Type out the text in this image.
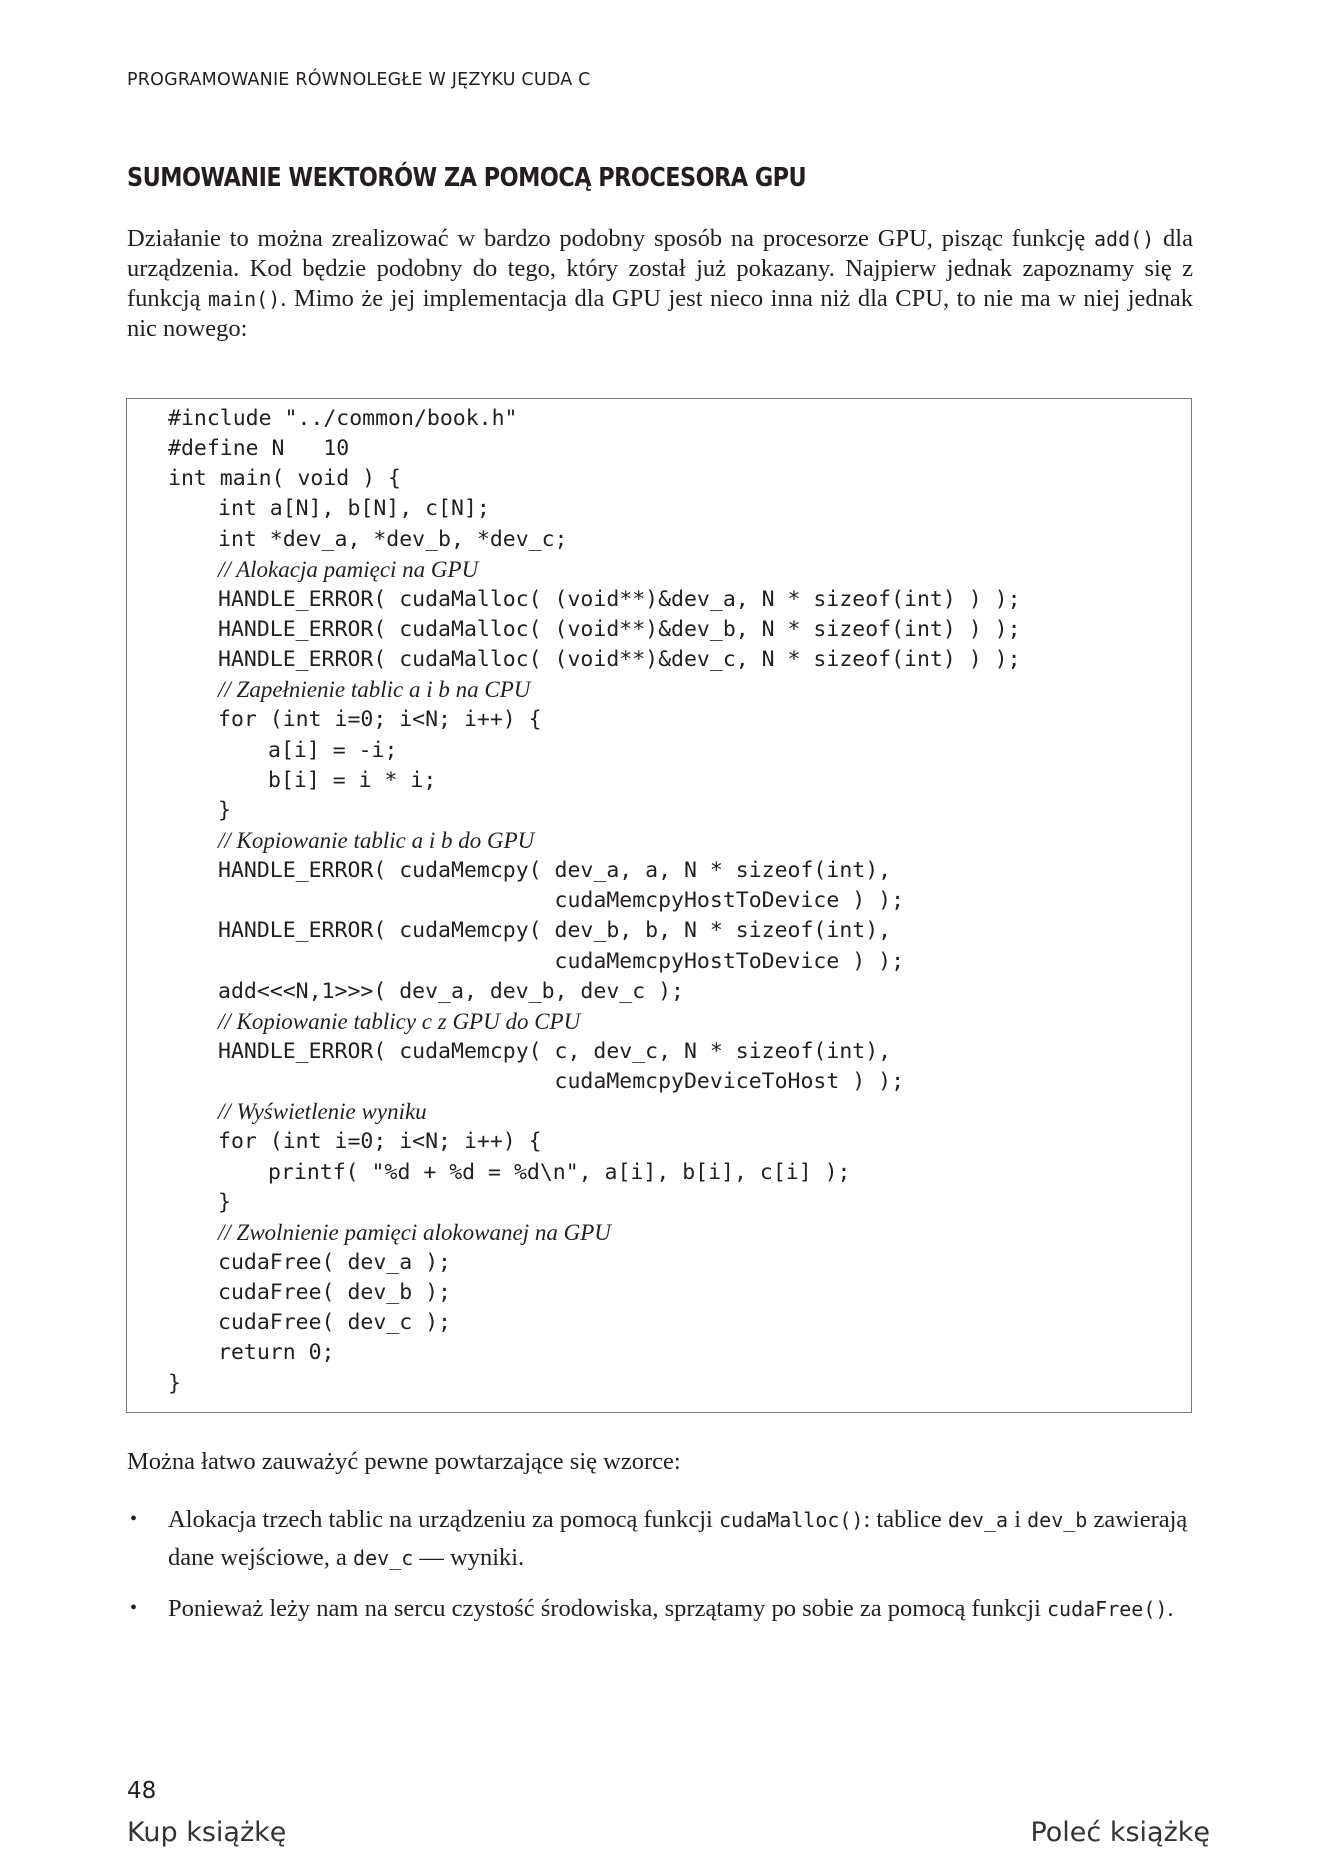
PROGRAMOWANIE RÓWNOLEGŁE W JĘZYKU CUDA C
SUMOWANIE WEKTORÓW ZA POMOCĄ PROCESORA GPU

Działanie to można zrealizować w bardzo podobny sposób na procesorze GPU, pisząc funkcję add() dla urządzenia. Kod będzie podobny do tego, który został już pokazany. Najpierw jednak zapoznamy się z funkcją main(). Mimo że jej implementacja dla GPU jest nieco inna niż dla CPU, to nie ma w niej jednak nic nowego:

#include "../common/book.h"
#define N   10
int main( void ) {
int a[N], b[N], c[N];
int *dev_a, *dev_b, *dev_c;
// Alokacja pamięci na GPU
HANDLE_ERROR( cudaMalloc( (void**)&dev_a, N * sizeof(int) ) );
HANDLE_ERROR( cudaMalloc( (void**)&dev_b, N * sizeof(int) ) );
HANDLE_ERROR( cudaMalloc( (void**)&dev_c, N * sizeof(int) ) );
// Zapełnienie tablic a i b na CPU
for (int i=0; i<N; i++) {
a[i] = -i;
b[i] = i * i;
}
// Kopiowanie tablic a i b do GPU
HANDLE_ERROR( cudaMemcpy( dev_a, a, N * sizeof(int),
cudaMemcpyHostToDevice ) );
HANDLE_ERROR( cudaMemcpy( dev_b, b, N * sizeof(int),
cudaMemcpyHostToDevice ) );
add<<<N,1>>>( dev_a, dev_b, dev_c );
// Kopiowanie tablicy c z GPU do CPU
HANDLE_ERROR( cudaMemcpy( c, dev_c, N * sizeof(int),
cudaMemcpyDeviceToHost ) );
// Wyświetlenie wyniku
for (int i=0; i<N; i++) {
printf( "%d + %d = %d\n", a[i], b[i], c[i] );
}
// Zwolnienie pamięci alokowanej na GPU
cudaFree( dev_a );
cudaFree( dev_b );
cudaFree( dev_c );
return 0;
}

Można łatwo zauważyć pewne powtarzające się wzorce:

• Alokacja trzech tablic na urządzeniu za pomocą funkcji cudaMalloc(): tablice dev_a i dev_b zawierają dane wejściowe, a dev_c — wyniki.
• Ponieważ leży nam na sercu czystość środowiska, sprzątamy po sobie za pomocą funkcji cudaFree().
48
Kup książkę	Poleć książkę
